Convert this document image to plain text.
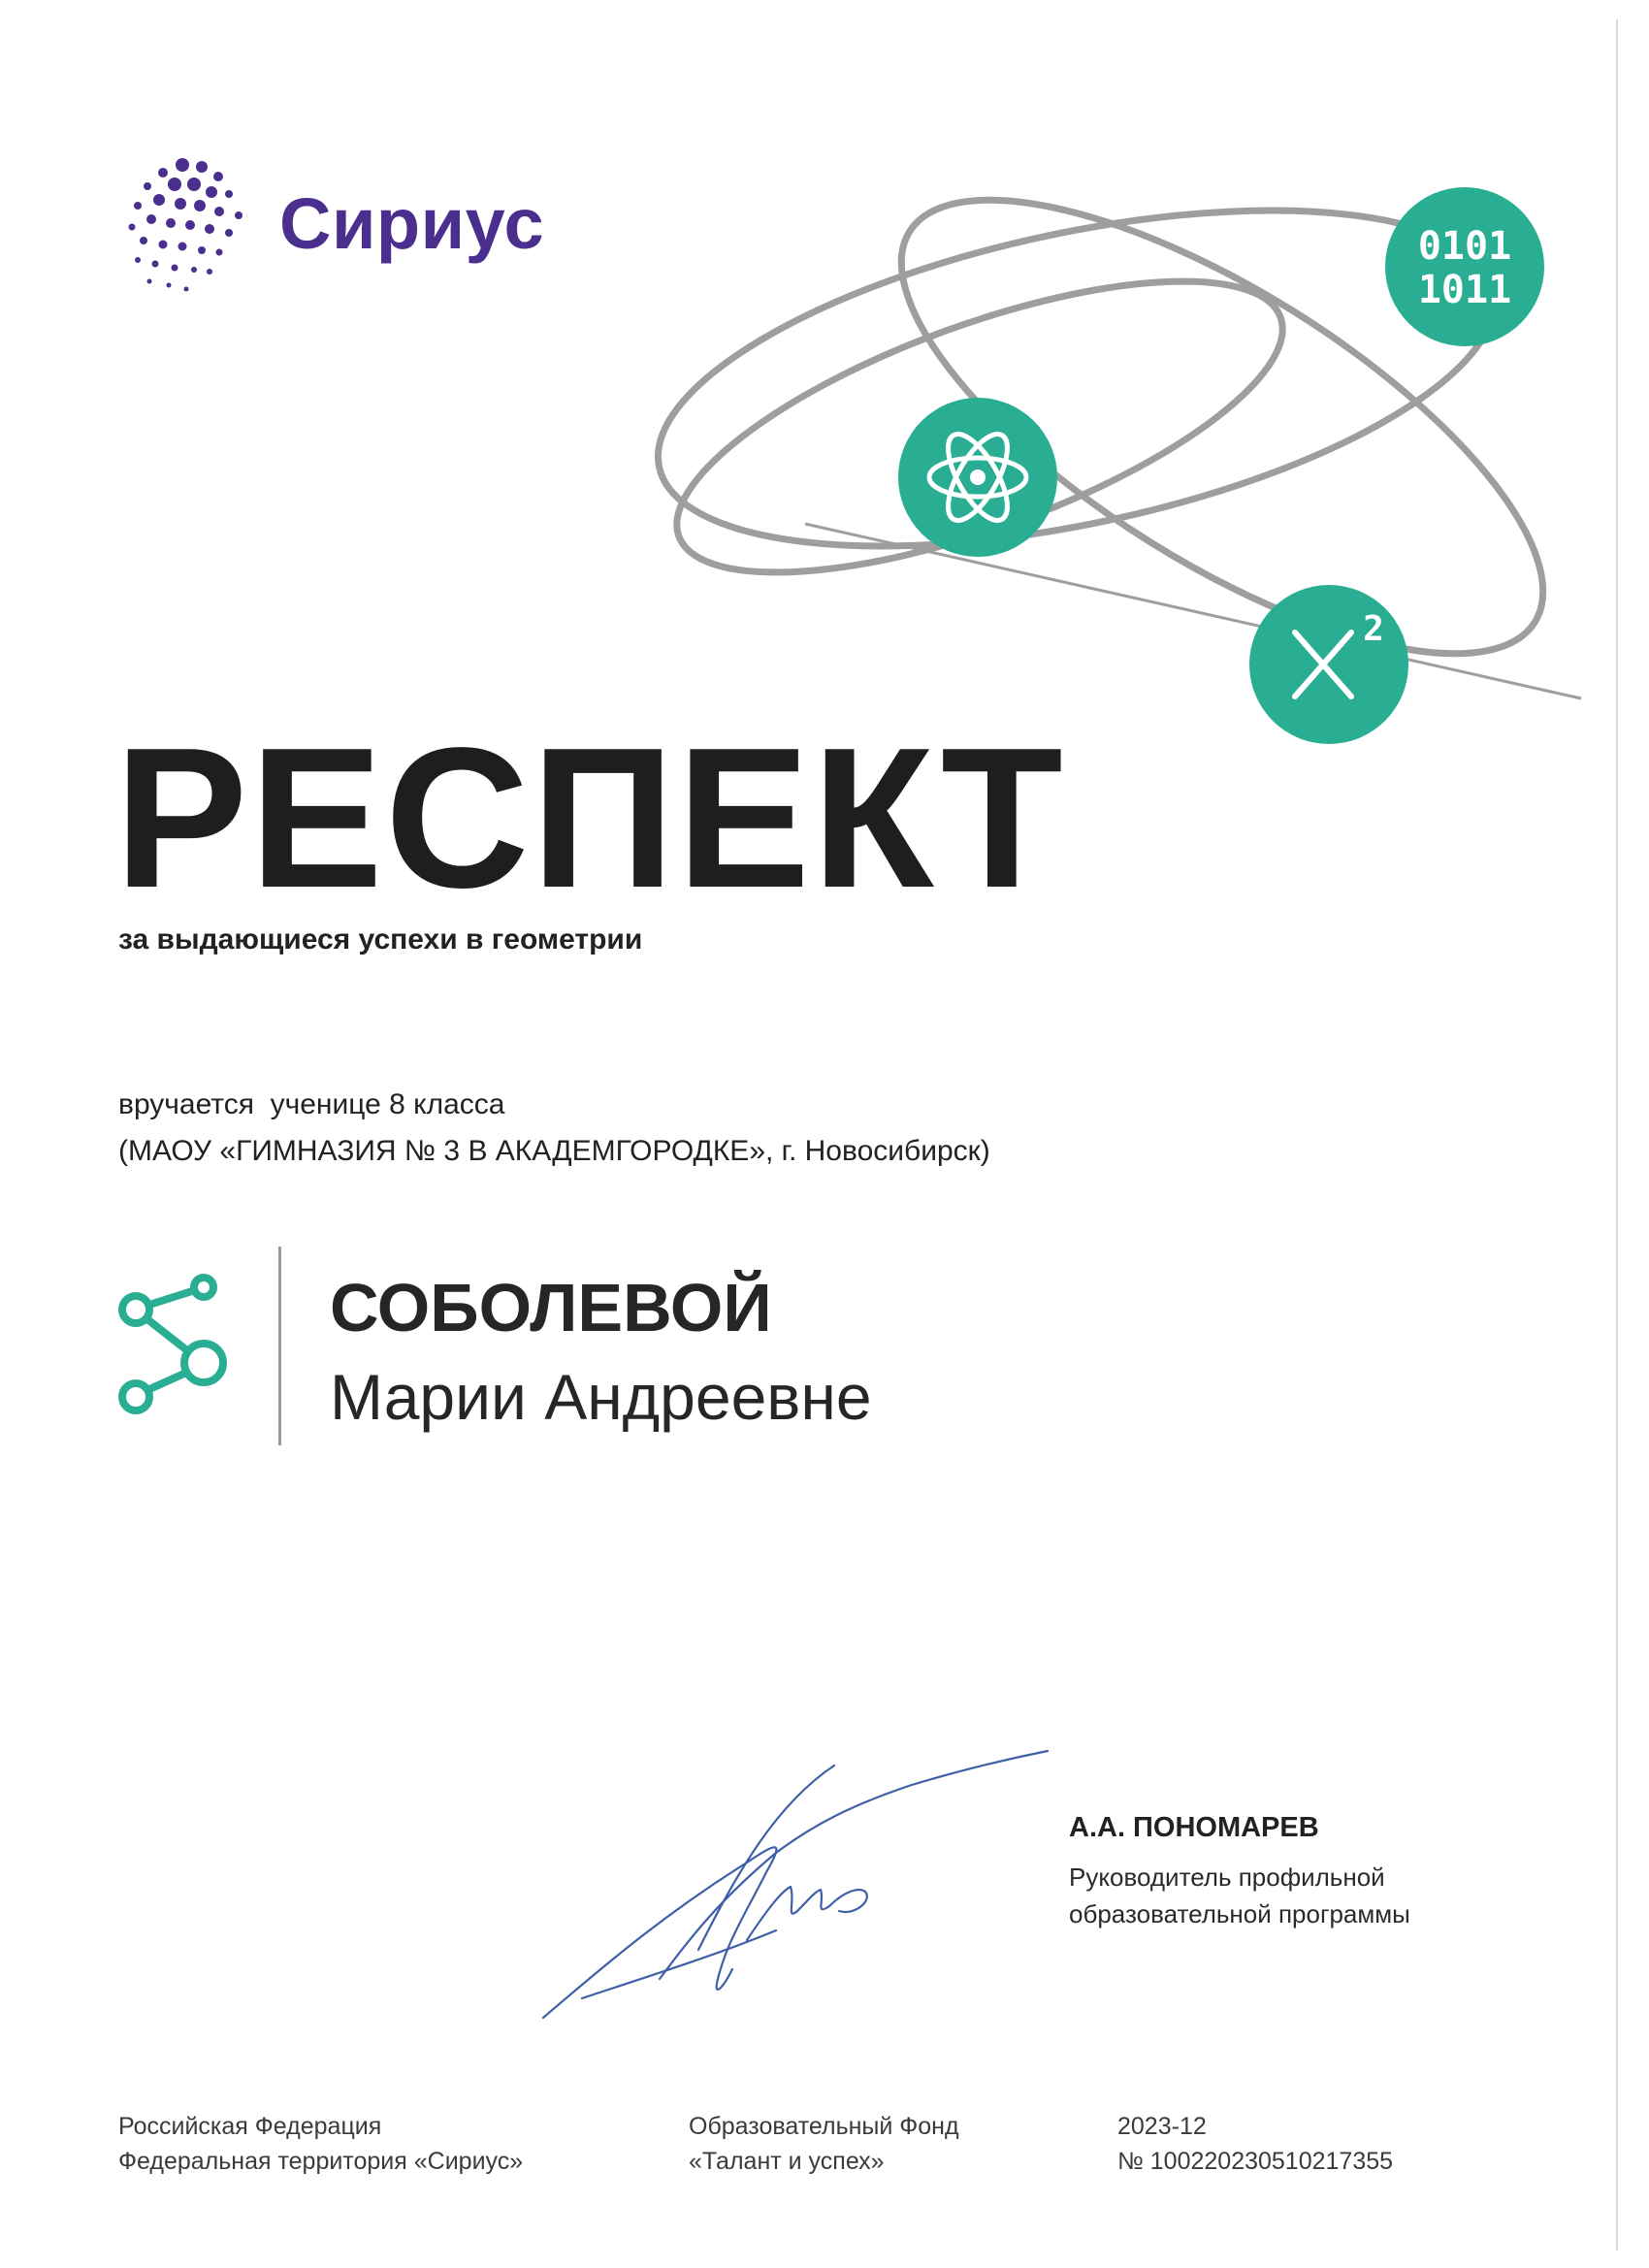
Сириус	0101
1011
2
РЕСПЕКТ
за выдающиеся успехи в геометрии
вручается  ученице 8 класса
(МАОУ «ГИМНАЗИЯ № 3 В АКАДЕМГОРОДКЕ», г. Новосибирск)
СОБОЛЕВОЙ
Марии Андреевне
А.А. ПОНОМАРЕВ
Руководитель профильной
образовательной программы
Российская Федерация
Федеральная территория «Сириус»
Образовательный Фонд
«Талант и успех»
2023-12
№ 100220230510217355
